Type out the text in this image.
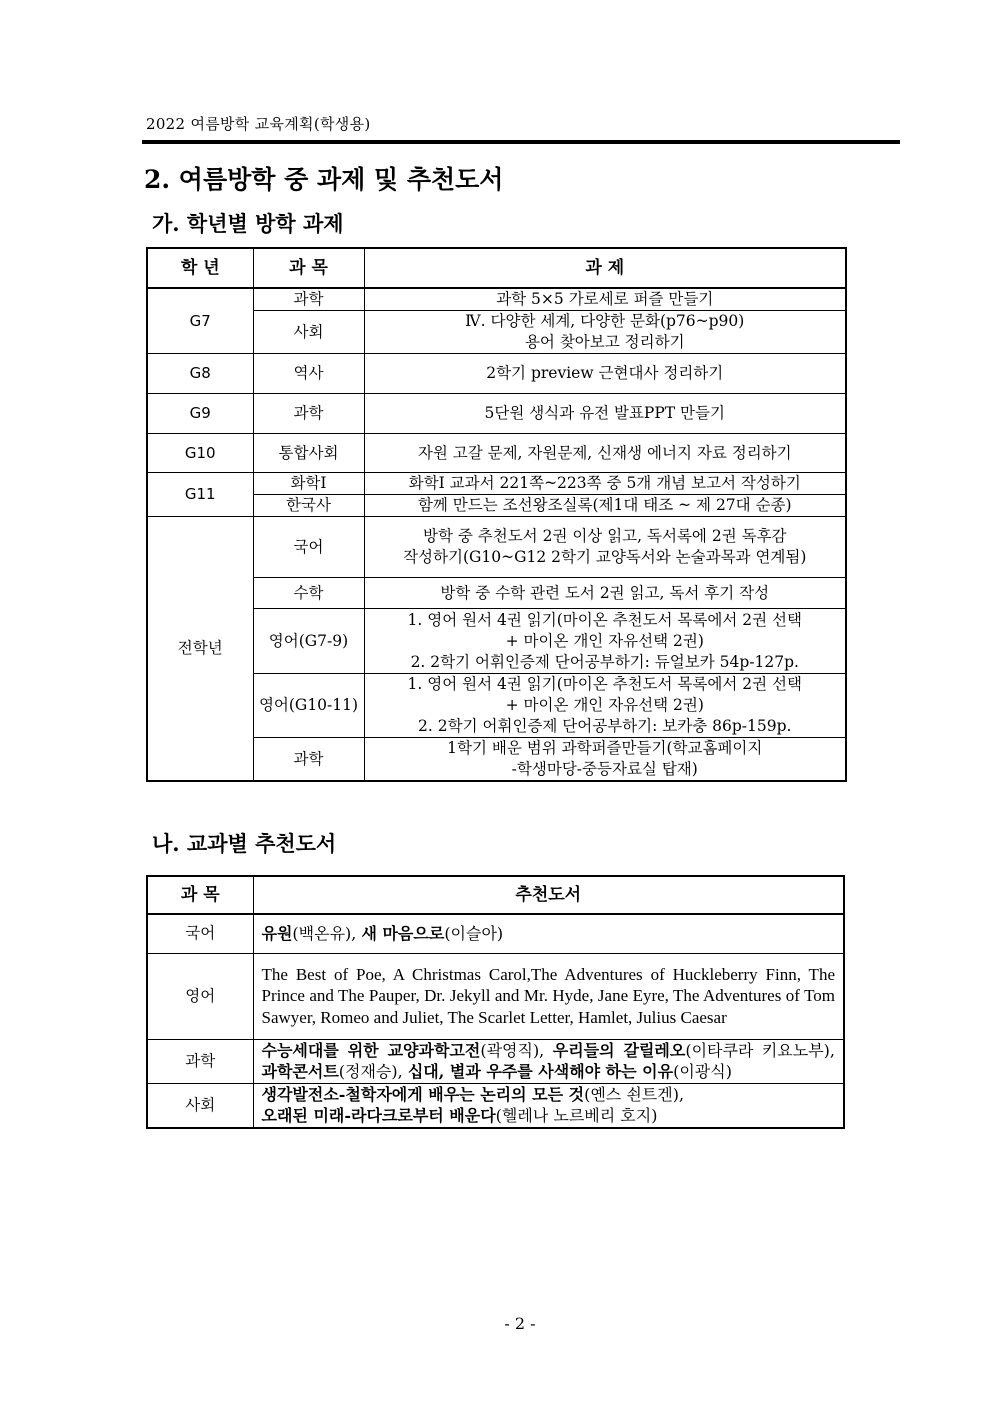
2022 여름방학 교육계획(학생용)
2. 여름방학 중 과제 및 추천도서
가. 학년별 방학 과제
학 년	과 목	과 제
G7	과학	과학 5×5 가로세로 퍼즐 만들기
	사회	Ⅳ. 다양한 세계, 다양한 문화(p76~p90)
용어 찾아보고 정리하기

G8	역사	2학기 preview 근현대사 정리하기
G9	과학	5단원 생식과 유전 발표PPT 만들기
G10	통합사회	자원 고갈 문제, 자원문제, 신재생 에너지 자료 정리하기
G11	화학Ⅰ	화학Ⅰ 교과서 221쪽~223쪽 중 5개 개념 보고서 작성하기
	한국사	함께 만드는 조선왕조실록(제1대 태조 ~ 제 27대 순종)
전학년	국어	방학 중 추천도서 2권 이상 읽고, 독서록에 2권 독후감
작성하기(G10~G12 2학기 교양독서와 논술과목과 연계됨)

	수학	방학 중 수학 관련 도서 2권 읽고, 독서 후기 작성
	영어(G7-9)	1. 영어 원서 4권 읽기(마이온 추천도서 목록에서 2권 선택
+ 마이온 개인 자유선택 2권)
2. 2학기 어휘인증제 단어공부하기: 듀얼보카 54p-127p.

	영어(G10-11)	1. 영어 원서 4권 읽기(마이온 추천도서 목록에서 2권 선택
+ 마이온 개인 자유선택 2권)
2. 2학기 어휘인증제 단어공부하기: 보카충 86p-159p.

	과학	1학기 배운 범위 과학퍼즐만들기(학교홈페이지
-학생마당-중등자료실 탑재)
나. 교과별 추천도서
과 목	추천도서
국어	유원(백온유), 새 마음으로(이슬아)
영어	The Best of Poe, A Christmas Carol,The Adventures of Huckleberry Finn, The Prince and The Pauper, Dr. Jekyll and Mr. Hyde, Jane Eyre, The Adventures of Tom Sawyer, Romeo and Juliet, The Scarlet Letter, Hamlet, Julius Caesar
과학	수능세대를 위한 교양과학고전(곽영직), 우리들의 갈릴레오(이타쿠라 키요노부), 과학콘서트(정재승), 십대, 별과 우주를 사색해야 하는 이유(이광식)
사회	생각발전소-철학자에게 배우는 논리의 모든 것(옌스 쇤트겐),
오래된 미래-라다크로부터 배운다(헬레나 노르베리 호지)
- 2 -
